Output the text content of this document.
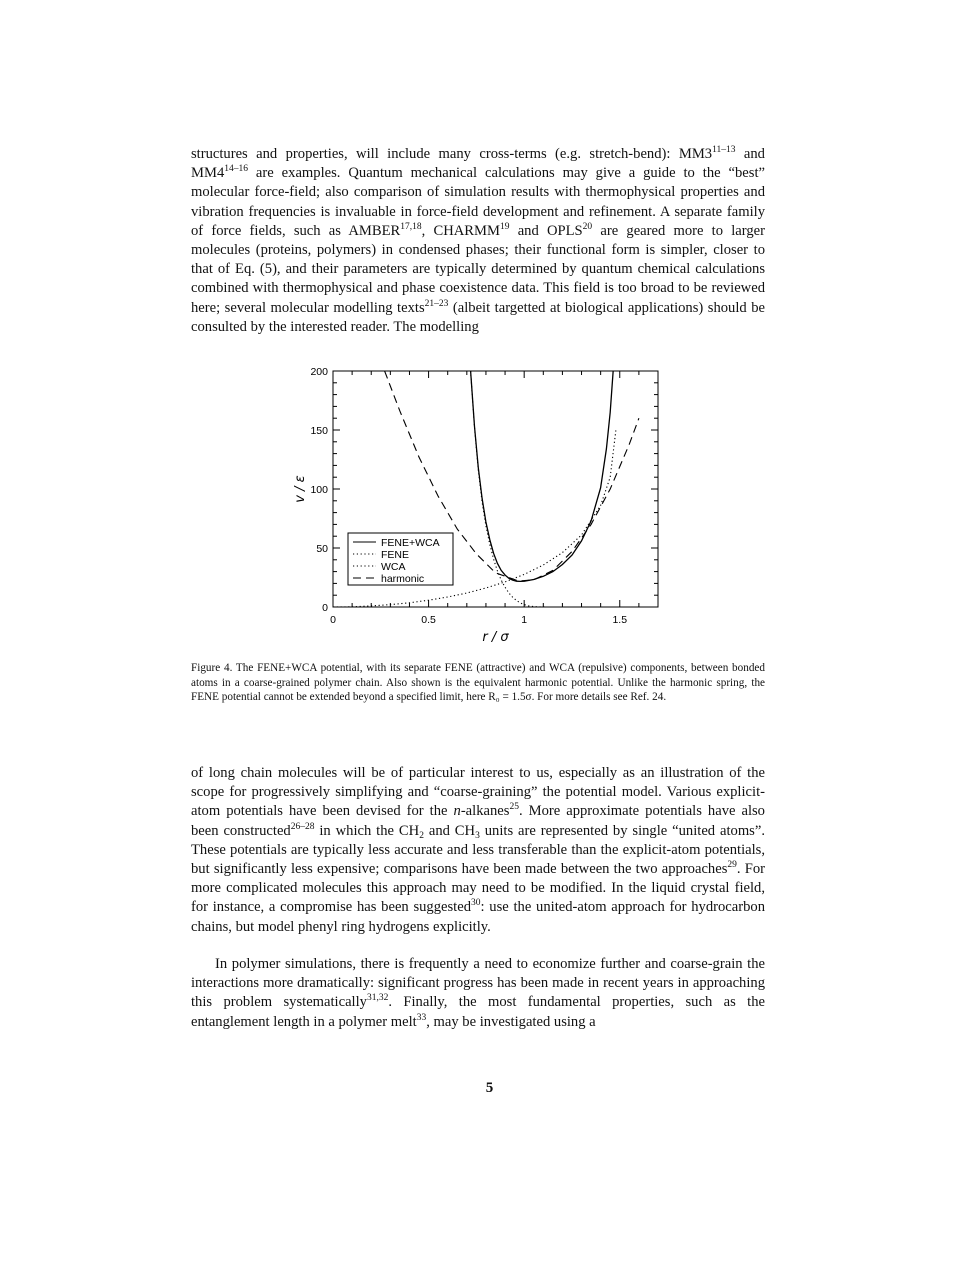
structures and properties, will include many cross-terms (e.g. stretch-bend): MM3$^{11-13}$ and MM4$^{14-16}$ are examples. Quantum mechanical calculations may give a guide to the “best” molecular force-field; also comparison of simulation results with thermophysical properties and vibration frequencies is invaluable in force-field development and refinement. A separate family of force fields, such as AMBER$^{17,18}$, CHARMM$^{19}$ and OPLS$^{20}$ are geared more to larger molecules (proteins, polymers) in condensed phases; their functional form is simpler, closer to that of Eq. (5), and their parameters are typically determined by quantum chemical calculations combined with thermophysical and phase coexistence data. This field is too broad to be reviewed here; several molecular modelling texts$^{21-23}$ (albeit targetted at biological applications) should be consulted by the interested reader. The modelling

0	0.5	1	1.5
0
50
100
150
200
r / σ
v / ε
FENE+WCA
FENE
WCA
harmonic

Figure 4. The FENE+WCA potential, with its separate FENE (attractive) and WCA (repulsive) components, between bonded atoms in a coarse-grained polymer chain. Also shown is the equivalent harmonic potential. Unlike the harmonic spring, the FENE potential cannot be extended beyond a specified limit, here R₀ = 1.5σ. For more details see Ref. 24.

of long chain molecules will be of particular interest to us, especially as an illustration of the scope for progressively simplifying and “coarse-graining” the potential model. Various explicit-atom potentials have been devised for the n-alkanes$^{25}$. More approximate potentials have also been constructed$^{26-28}$ in which the $CH_2$ and $CH_3$ units are represented by single “united atoms”. These potentials are typically less accurate and less transferable than the explicit-atom potentials, but significantly less expensive; comparisons have been made between the two approaches$^{29}$. For more complicated molecules this approach may need to be modified. In the liquid crystal field, for instance, a compromise has been suggested$^{30}$: use the united-atom approach for hydrocarbon chains, but model phenyl ring hydrogens explicitly.

In polymer simulations, there is frequently a need to economize further and coarse-grain the interactions more dramatically: significant progress has been made in recent years in approaching this problem systematically$^{31,32}$. Finally, the most fundamental properties, such as the entanglement length in a polymer melt$^{33}$, may be investigated using a

5
